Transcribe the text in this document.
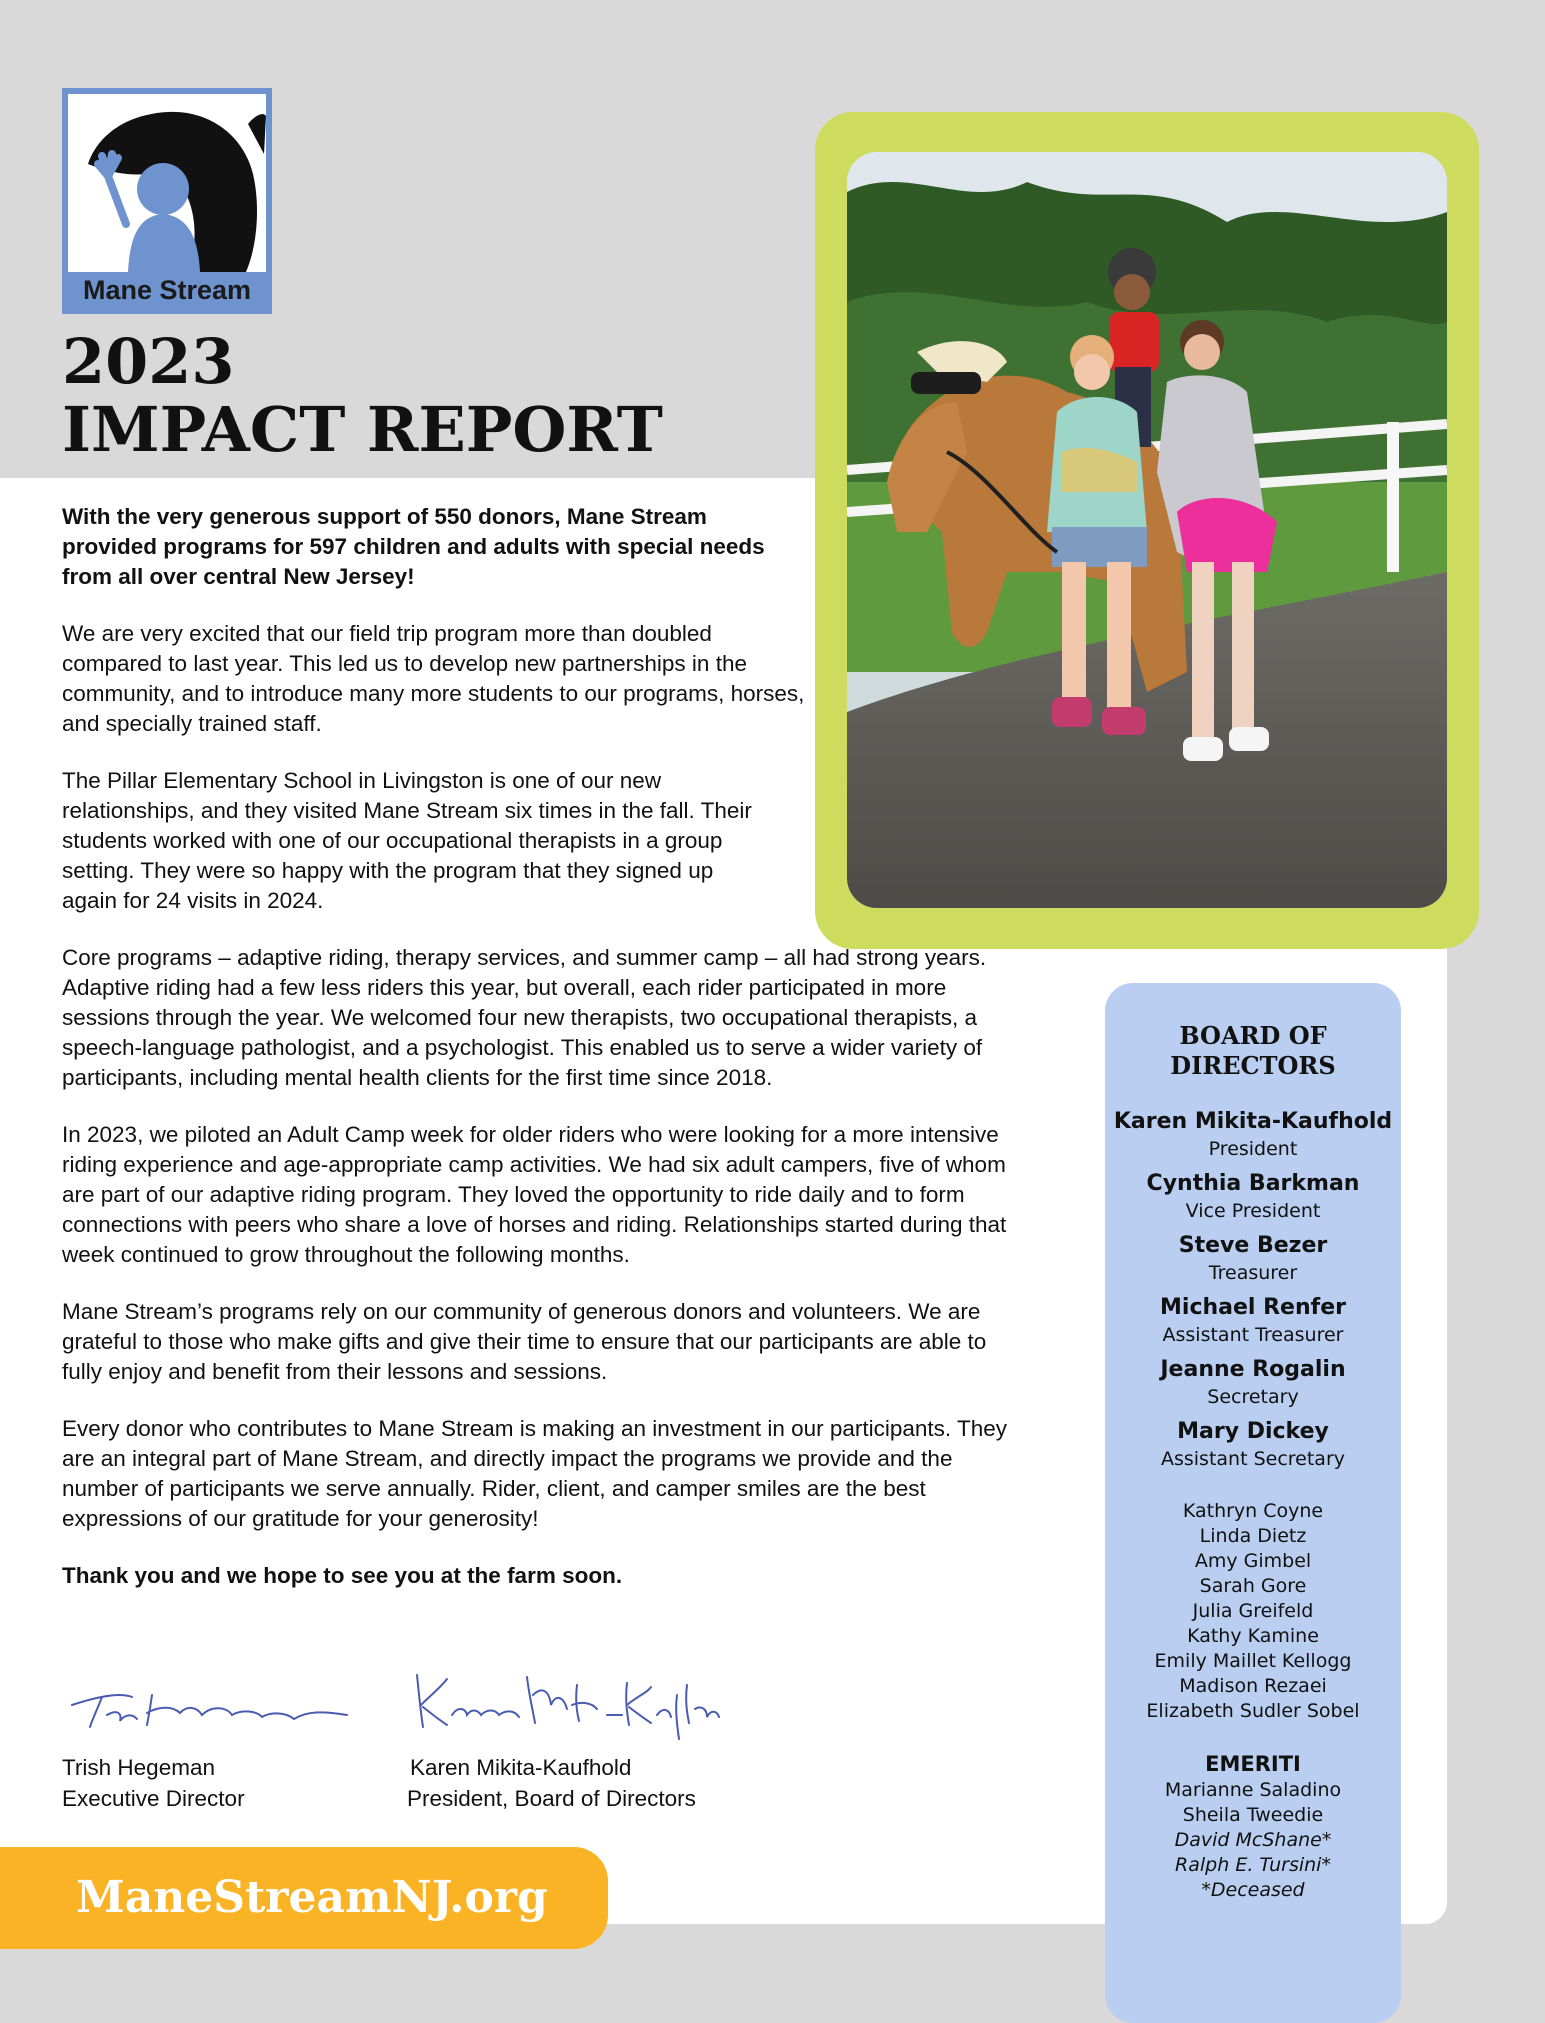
Mane Stream
2023
IMPACT REPORT

With the very generous support of 550 donors, Mane Stream provided programs for 597 children and adults with special needs from all over central New Jersey!

We are very excited that our field trip program more than doubled compared to last year. This led us to develop new partnerships in the community, and to introduce many more students to our programs, horses, and specially trained staff.

The Pillar Elementary School in Livingston is one of our new relationships, and they visited Mane Stream six times in the fall. Their students worked with one of our occupational therapists in a group setting. They were so happy with the program that they signed up again for 24 visits in 2024.

Core programs – adaptive riding, therapy services, and summer camp – all had strong years. Adaptive riding had a few less riders this year, but overall, each rider participated in more sessions through the year. We welcomed four new therapists, two occupational therapists, a speech-language pathologist, and a psychologist. This enabled us to serve a wider variety of participants, including mental health clients for the first time since 2018.

In 2023, we piloted an Adult Camp week for older riders who were looking for a more intensive riding experience and age-appropriate camp activities. We had six adult campers, five of whom are part of our adaptive riding program. They loved the opportunity to ride daily and to form connections with peers who share a love of horses and riding. Relationships started during that week continued to grow throughout the following months.

Mane Stream’s programs rely on our community of generous donors and volunteers. We are grateful to those who make gifts and give their time to ensure that our participants are able to fully enjoy and benefit from their lessons and sessions.

Every donor who contributes to Mane Stream is making an investment in our participants. They are an integral part of Mane Stream, and directly impact the programs we provide and the number of participants we serve annually. Rider, client, and camper smiles are the best expressions of our gratitude for your generosity!

Thank you and we hope to see you at the farm soon.

Trish Hegeman
Executive Director
Karen Mikita-Kaufhold
President, Board of Directors
ManeStreamNJ.org
BOARD OF
DIRECTORS
Karen Mikita-Kaufhold
President
Cynthia Barkman
Vice President
Steve Bezer
Treasurer
Michael Renfer
Assistant Treasurer
Jeanne Rogalin
Secretary
Mary Dickey
Assistant Secretary
Kathryn Coyne
Linda Dietz
Amy Gimbel
Sarah Gore
Julia Greifeld
Kathy Kamine
Emily Maillet Kellogg
Madison Rezaei
Elizabeth Sudler Sobel
EMERITI
Marianne Saladino
Sheila Tweedie
David McShane*
Ralph E. Tursini*
*Deceased
